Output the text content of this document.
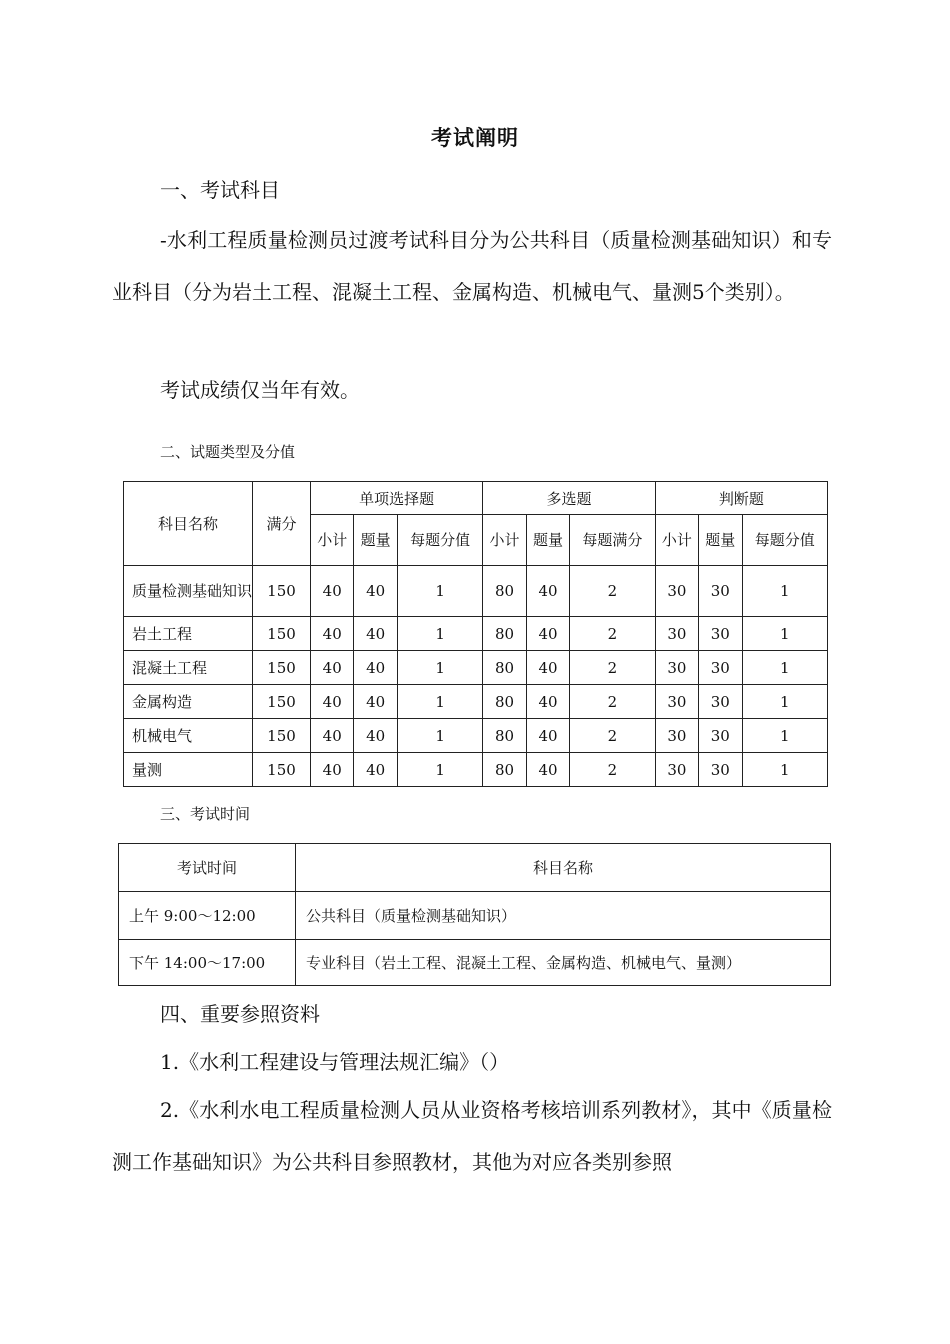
考试阐明
一、考试科目
-水利工程质量检测员过渡考试科目分为公共科目（质量检测基础知识）和专业科目（分为岩土工程、混凝土工程、金属构造、机械电气、量测5个类别）。
考试成绩仅当年有效。
二、试题类型及分值
科目名称	满分	单项选择题			多选题			判断题		
		小计	题量	每题分值	小计	题量	每题满分	小计	题量	每题分值
质量检测基础知识	150	40	40	1	80	40	2	30	30	1
岩土工程	150	40	40	1	80	40	2	30	30	1
混凝土工程	150	40	40	1	80	40	2	30	30	1
金属构造	150	40	40	1	80	40	2	30	30	1
机械电气	150	40	40	1	80	40	2	30	30	1
量测	150	40	40	1	80	40	2	30	30	1
三、考试时间
考试时间	科目名称
上午 9:00～12:00	公共科目（质量检测基础知识）
下午 14:00～17:00	专业科目（岩土工程、混凝土工程、金属构造、机械电气、量测）
四、重要参照资料
1.《水利工程建设与管理法规汇编》（）
2.《水利水电工程质量检测人员从业资格考核培训系列教材》，其中《质量检测工作基础知识》为公共科目参照教材，其他为对应各类别参照
